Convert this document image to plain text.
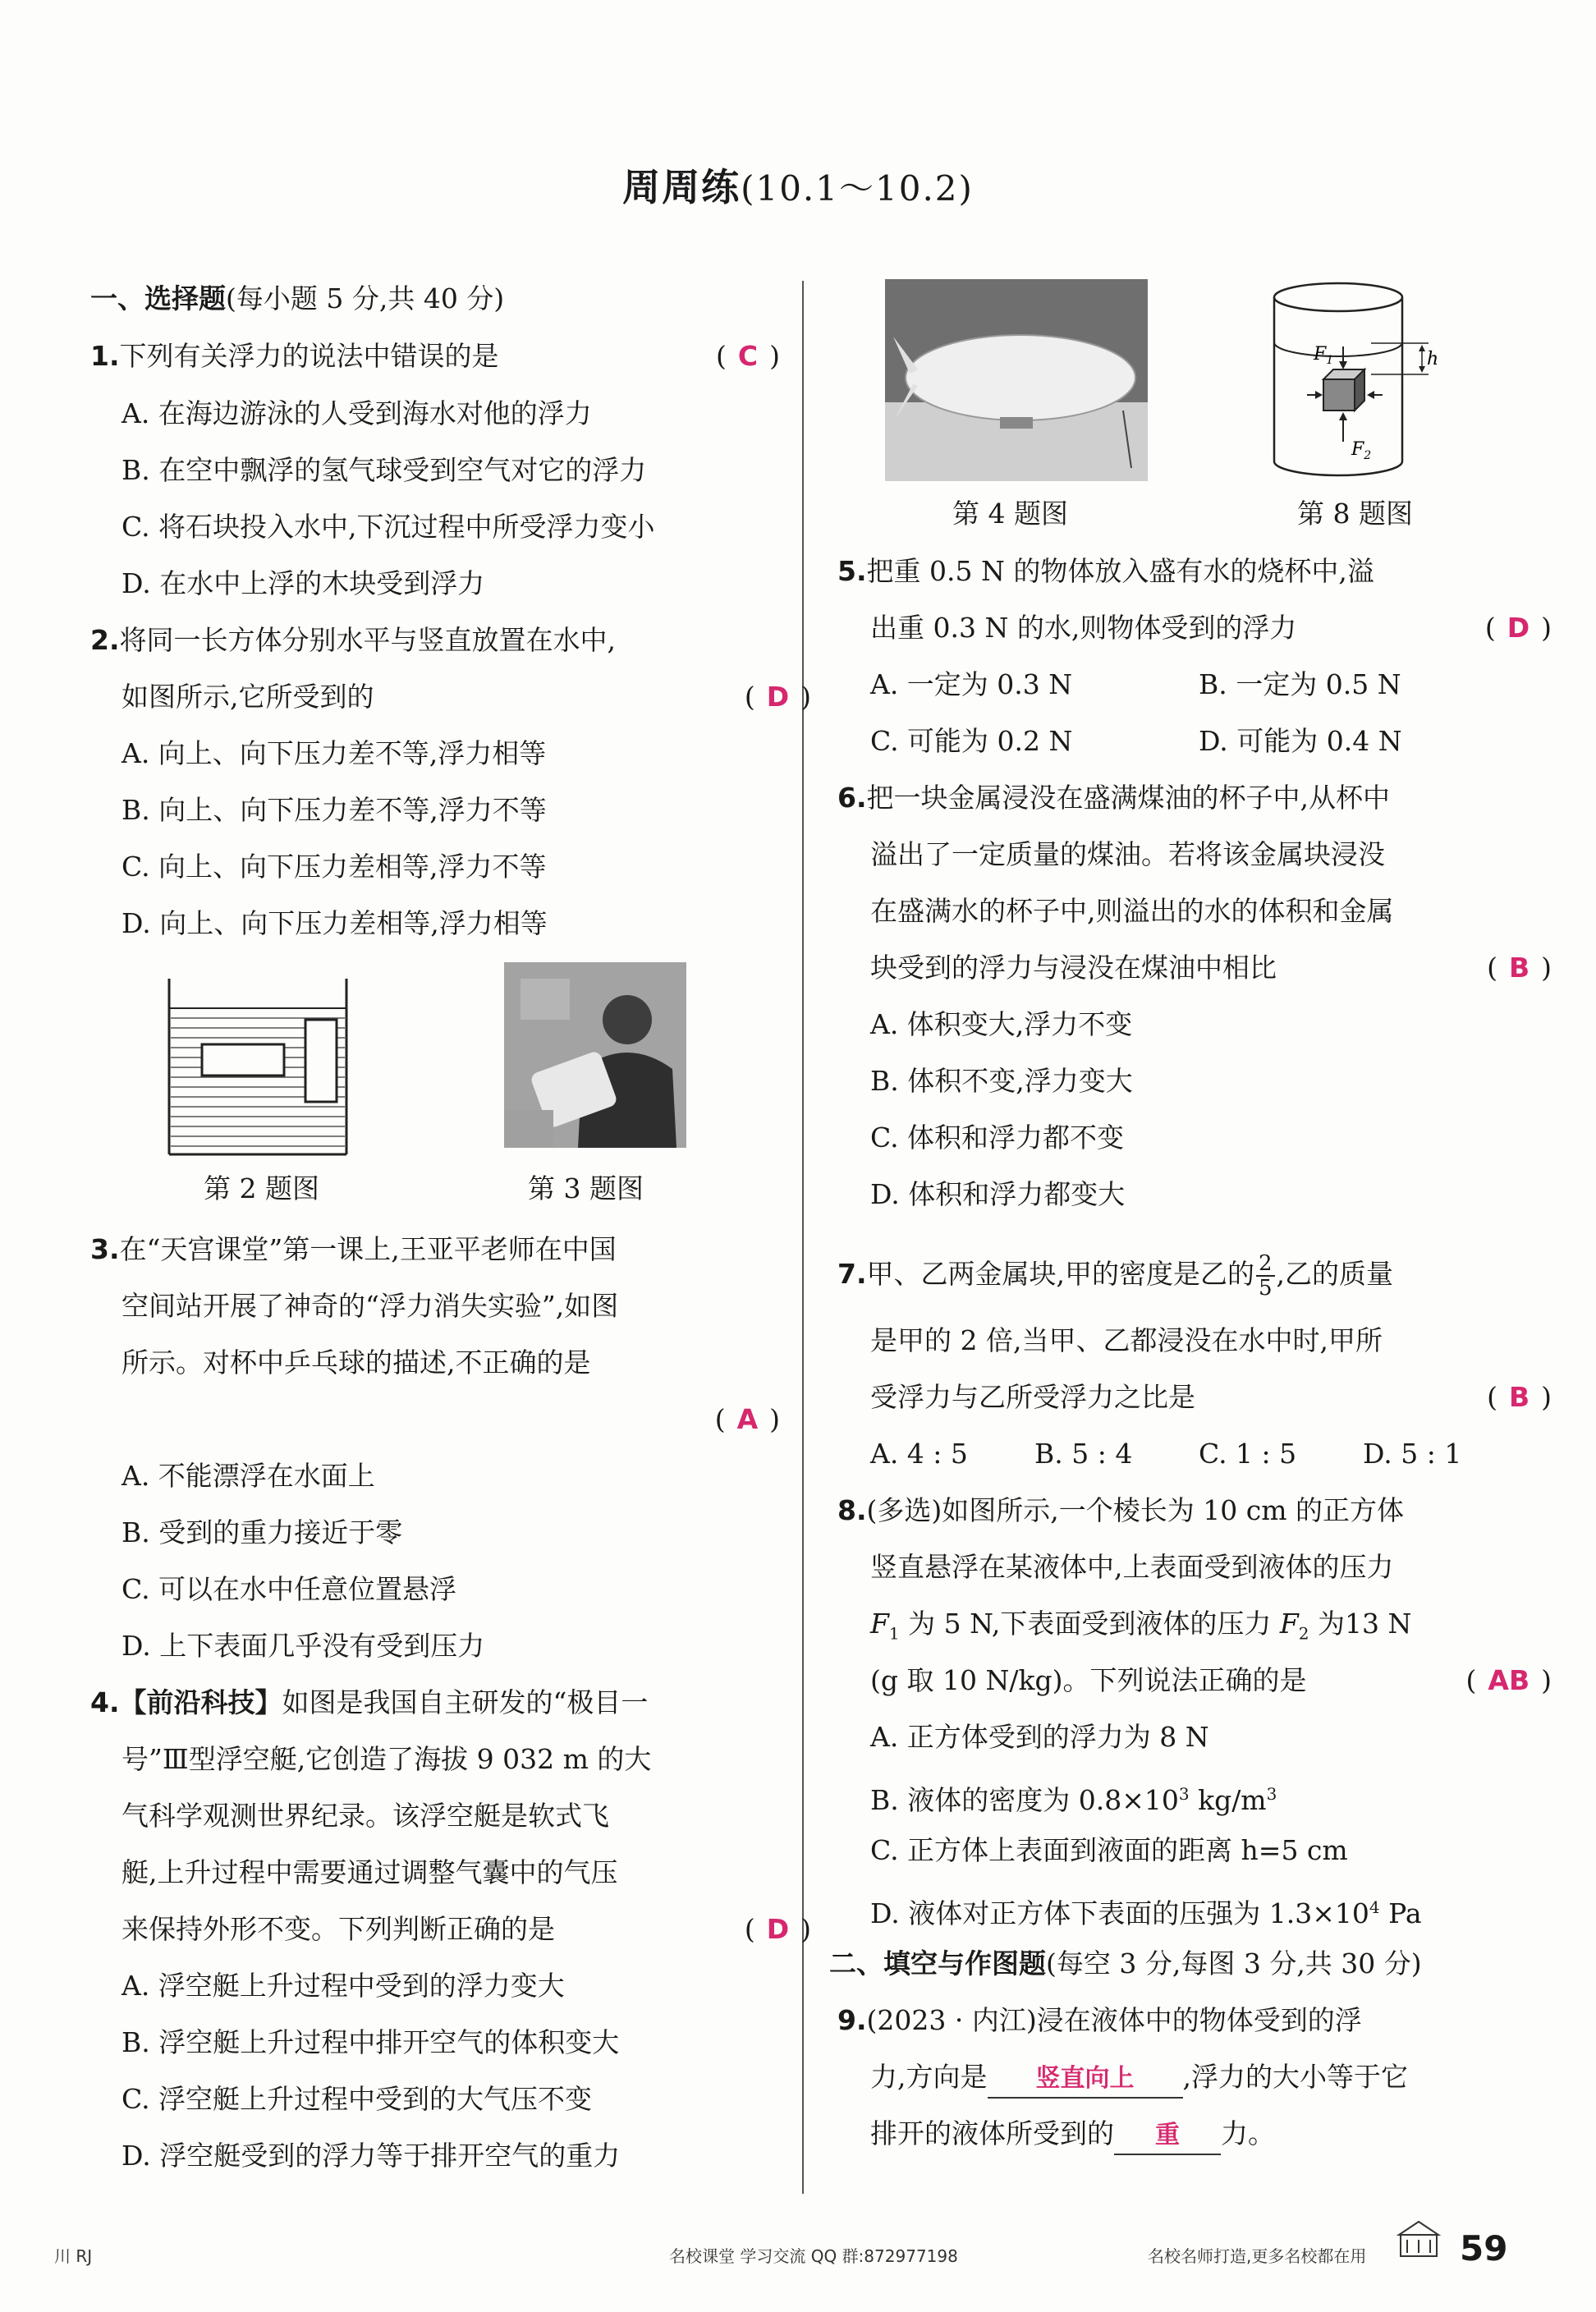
周周练(10.1～10.2)
一、选择题(每小题 5 分,共 40 分)
1.下列有关浮力的说法中错误的是	( C )
A. 在海边游泳的人受到海水对他的浮力
B. 在空中飘浮的氢气球受到空气对它的浮力
C. 将石块投入水中,下沉过程中所受浮力变小
D. 在水中上浮的木块受到浮力
2.将同一长方体分别水平与竖直放置在水中,
如图所示,它所受到的	( D )
A. 向上、向下压力差不等,浮力相等
B. 向上、向下压力差不等,浮力不等
C. 向上、向下压力差相等,浮力不等
D. 向上、向下压力差相等,浮力相等
第 2 题图	第 3 题图
3.在“天宫课堂”第一课上,王亚平老师在中国
空间站开展了神奇的“浮力消失实验”,如图
所示。对杯中乒乓球的描述,不正确的是
( A )
A. 不能漂浮在水面上
B. 受到的重力接近于零
C. 可以在水中任意位置悬浮
D. 上下表面几乎没有受到压力
4.【前沿科技】如图是我国自主研发的“极目一
号”Ⅲ型浮空艇,它创造了海拔 9 032 m 的大
气科学观测世界纪录。该浮空艇是软式飞
艇,上升过程中需要通过调整气囊中的气压
来保持外形不变。下列判断正确的是	( D )
A. 浮空艇上升过程中受到的浮力变大
B. 浮空艇上升过程中排开空气的体积变大
C. 浮空艇上升过程中受到的大气压不变
D. 浮空艇受到的浮力等于排开空气的重力
第 4 题图
$F_1$
$F_2$
h
第 8 题图
5.把重 0.5 N 的物体放入盛有水的烧杯中,溢
出重 0.3 N 的水,则物体受到的浮力	( D )
A. 一定为 0.3 N	B. 一定为 0.5 N
C. 可能为 0.2 N	D. 可能为 0.4 N
6.把一块金属浸没在盛满煤油的杯子中,从杯中
溢出了一定质量的煤油。若将该金属块浸没
在盛满水的杯子中,则溢出的水的体积和金属
块受到的浮力与浸没在煤油中相比	( B )
A. 体积变大,浮力不变
B. 体积不变,浮力变大
C. 体积和浮力都不变
D. 体积和浮力都变大
7.甲、乙两金属块,甲的密度是乙的 $\frac{2}{5}$ ,乙的质量
是甲的 2 倍,当甲、乙都浸没在水中时,甲所
受浮力与乙所受浮力之比是	( B )
A. 4 : 5 B. 5 : 4 C. 1 : 5 D. 5 : 1
8.(多选)如图所示,一个棱长为 10 cm 的正方体
竖直悬浮在某液体中,上表面受到液体的压力
$F_1$ 为 5 N,下表面受到液体的压力 $F_2$ 为13 N
(g 取 10 N/kg)。下列说法正确的是	( AB )
A. 正方体受到的浮力为 8 N
B. 液体的密度为 $0.8\times 10^3$ $kg/m^3$
C. 正方体上表面到液面的距离 h=5 cm
D. 液体对正方体下表面的压强为 $1.3\times 10^4$ Pa
二、填空与作图题(每空 3 分,每图 3 分,共 30 分)
9.(2023 · 内江)浸在液体中的物体受到的浮
力,方向是 竖直向上 ,浮力的大小等于它
排开的液体所受到的 重 力。
川 RJ	名校课堂 学习交流 QQ 群:872977198	名校名师打造,更多名校都在用	59
